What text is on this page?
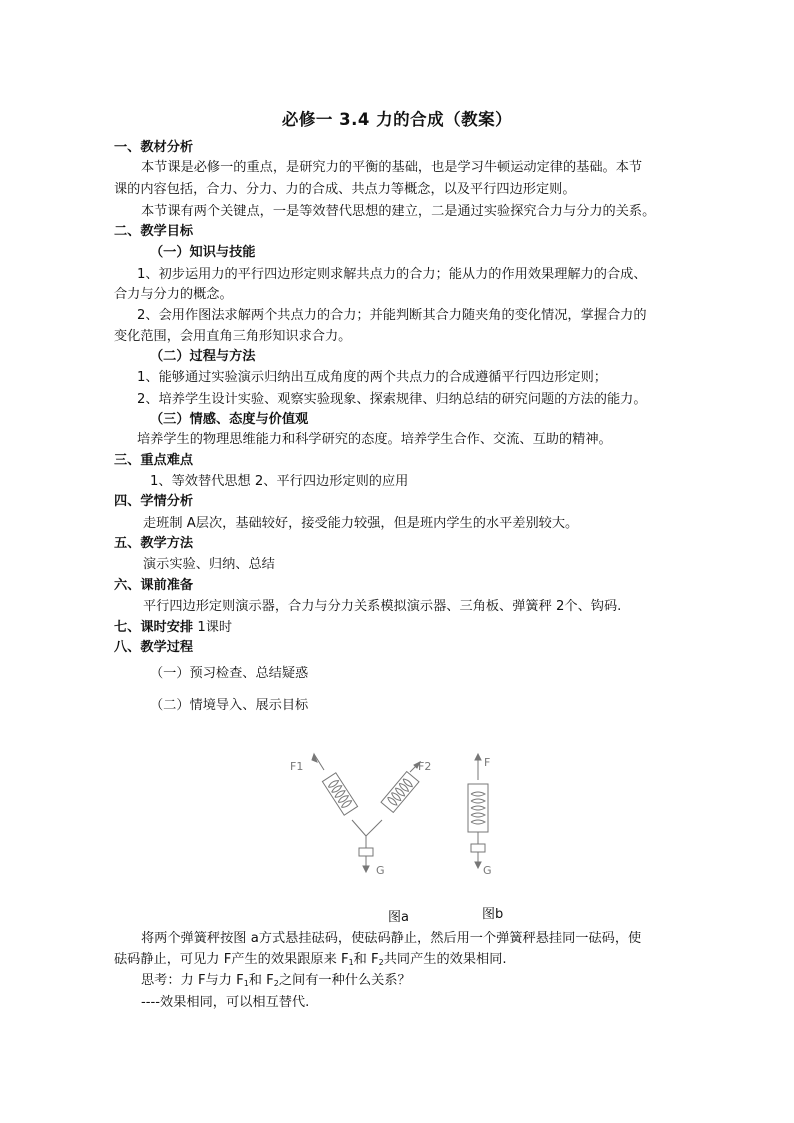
必修一 3.4 力的合成（教案）
一、教材分析
本节课是必修一的重点，是研究力的平衡的基础，也是学习牛顿运动定律的基础。本节
课的内容包括，合力、分力、力的合成、共点力等概念，以及平行四边形定则。
本节课有两个关键点，一是等效替代思想的建立，二是通过实验探究合力与分力的关系。
二、教学目标
（一）知识与技能
1、初步运用力的平行四边形定则求解共点力的合力；能从力的作用效果理解力的合成、
合力与分力的概念。
2、会用作图法求解两个共点力的合力；并能判断其合力随夹角的变化情况，掌握合力的
变化范围，会用直角三角形知识求合力。
（二）过程与方法
1、能够通过实验演示归纳出互成角度的两个共点力的合成遵循平行四边形定则；
2、培养学生设计实验、观察实验现象、探索规律、归纳总结的研究问题的方法的能力。
（三）情感、态度与价值观
培养学生的物理思维能力和科学研究的态度。培养学生合作、交流、互助的精神。
三、重点难点
1、等效替代思想 2、平行四边形定则的应用
四、学情分析
走班制 A层次，基础较好，接受能力较强，但是班内学生的水平差别较大。
五、教学方法
演示实验、归纳、总结
六、课前准备
平行四边形定则演示器，合力与分力关系模拟演示器、三角板、弹簧秤 2个、钩码.
七、课时安排 1课时
八、教学过程
（一）预习检查、总结疑惑
（二）情境导入、展示目标
F1	F2
G
F
G
图a	图b
将两个弹簧秤按图 a方式悬挂砝码，使砝码静止，然后用一个弹簧秤悬挂同一砝码，使
砝码静止，可见力 F产生的效果跟原来 $F_1$和 $F_2$共同产生的效果相同.
思考：力 F与力 $F_1$和 $F_2$之间有一种什么关系？
----效果相同，可以相互替代.
